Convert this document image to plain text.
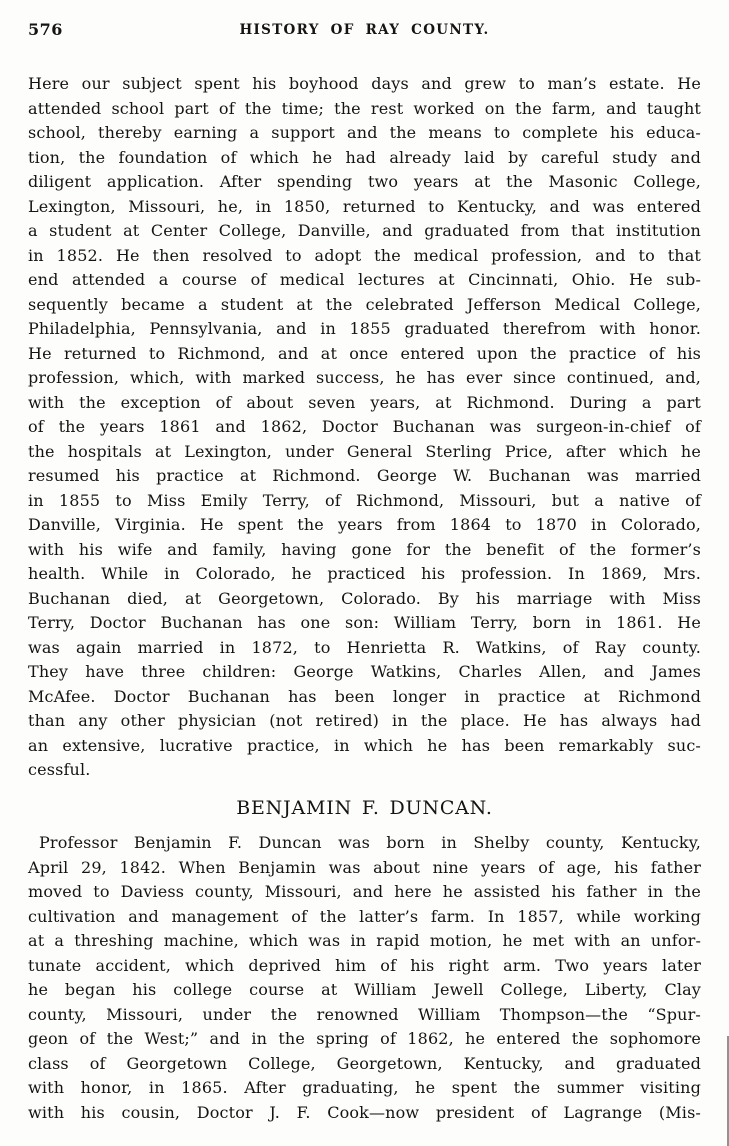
576	HISTORY OF RAY COUNTY.
Here our subject spent his boyhood days and grew to man’s estate. He
attended school part of the time; the rest worked on the farm, and taught
school, thereby earning a support and the means to complete his educa-
tion, the foundation of which he had already laid by careful study and
diligent application. After spending two years at the Masonic College,
Lexington, Missouri, he, in 1850, returned to Kentucky, and was entered
a student at Center College, Danville, and graduated from that institution
in 1852. He then resolved to adopt the medical profession, and to that
end attended a course of medical lectures at Cincinnati, Ohio. He sub-
sequently became a student at the celebrated Jefferson Medical College,
Philadelphia, Pennsylvania, and in 1855 graduated therefrom with honor.
He returned to Richmond, and at once entered upon the practice of his
profession, which, with marked success, he has ever since continued, and,
with the exception of about seven years, at Richmond. During a part
of the years 1861 and 1862, Doctor Buchanan was surgeon-in-chief of
the hospitals at Lexington, under General Sterling Price, after which he
resumed his practice at Richmond. George W. Buchanan was married
in 1855 to Miss Emily Terry, of Richmond, Missouri, but a native of
Danville, Virginia. He spent the years from 1864 to 1870 in Colorado,
with his wife and family, having gone for the benefit of the former’s
health. While in Colorado, he practiced his profession. In 1869, Mrs.
Buchanan died, at Georgetown, Colorado. By his marriage with Miss
Terry, Doctor Buchanan has one son: William Terry, born in 1861. He
was again married in 1872, to Henrietta R. Watkins, of Ray county.
They have three children: George Watkins, Charles Allen, and James
McAfee. Doctor Buchanan has been longer in practice at Richmond
than any other physician (not retired) in the place. He has always had
an extensive, lucrative practice, in which he has been remarkably suc-
cessful.
BENJAMIN F. DUNCAN.
Professor Benjamin F. Duncan was born in Shelby county, Kentucky,
April 29, 1842. When Benjamin was about nine years of age, his father
moved to Daviess county, Missouri, and here he assisted his father in the
cultivation and management of the latter’s farm. In 1857, while working
at a threshing machine, which was in rapid motion, he met with an unfor-
tunate accident, which deprived him of his right arm. Two years later
he began his college course at William Jewell College, Liberty, Clay
county, Missouri, under the renowned William Thompson—the “Spur-
geon of the West;” and in the spring of 1862, he entered the sophomore
class of Georgetown College, Georgetown, Kentucky, and graduated
with honor, in 1865. After graduating, he spent the summer visiting
with his cousin, Doctor J. F. Cook—now president of Lagrange (Mis-
